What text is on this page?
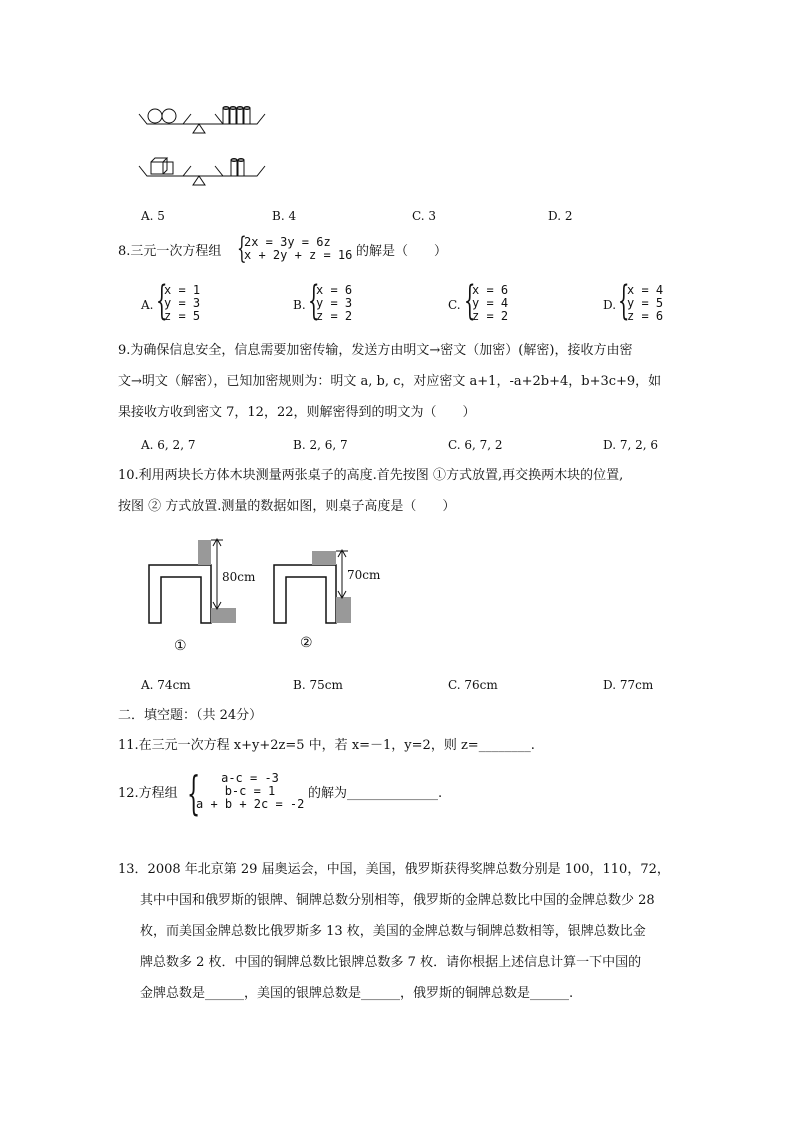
A. 5	B. 4	C. 3	D. 2
8.三元一次方程组 {
2x = 3y = 6z
x + 2y + z = 16 的解是（　　）
A. {
x = 1
y = 3
z = 5
B. {
x = 6
y = 3
z = 2
C. {
x = 6
y = 4
z = 2
D. {
x = 4
y = 5
z = 6
9.为确保信息安全，信息需要加密传输，发送方由明文→密文（加密）(解密)，接收方由密
文→明文（解密），已知加密规则为：明文 a, b, c，对应密文 a+1，-a+2b+4，b+3c+9，如
果接收方收到密文 7，12，22，则解密得到的明文为（　　）
A. 6, 2, 7	B. 2, 6, 7	C. 6, 7, 2	D. 7, 2, 6
10.利用两块长方体木块测量两张桌子的高度.首先按图 ①方式放置,再交换两木块的位置,
按图 ② 方式放置.测量的数据如图，则桌子高度是（　　）
80cm
①
70cm
②
A. 74cm	B. 75cm	C. 76cm	D. 77cm
二．填空题：（共 24分）
11.在三元一次方程 x+y+2z=5 中，若 x=－1，y=2，则 z=________.
12.方程组 {	a-c = -3
b-c = 1
a + b + 2c = -2
的解为______________.
13．2008 年北京第 29 届奥运会，中国，美国，俄罗斯获得奖牌总数分别是 100，110，72，
其中中国和俄罗斯的银牌、铜牌总数分别相等，俄罗斯的金牌总数比中国的金牌总数少 28
枚，而美国金牌总数比俄罗斯多 13 枚，美国的金牌总数与铜牌总数相等，银牌总数比金
牌总数多 2 枚．中国的铜牌总数比银牌总数多 7 枚．请你根据上述信息计算一下中国的
金牌总数是______，美国的银牌总数是______，俄罗斯的铜牌总数是______.
